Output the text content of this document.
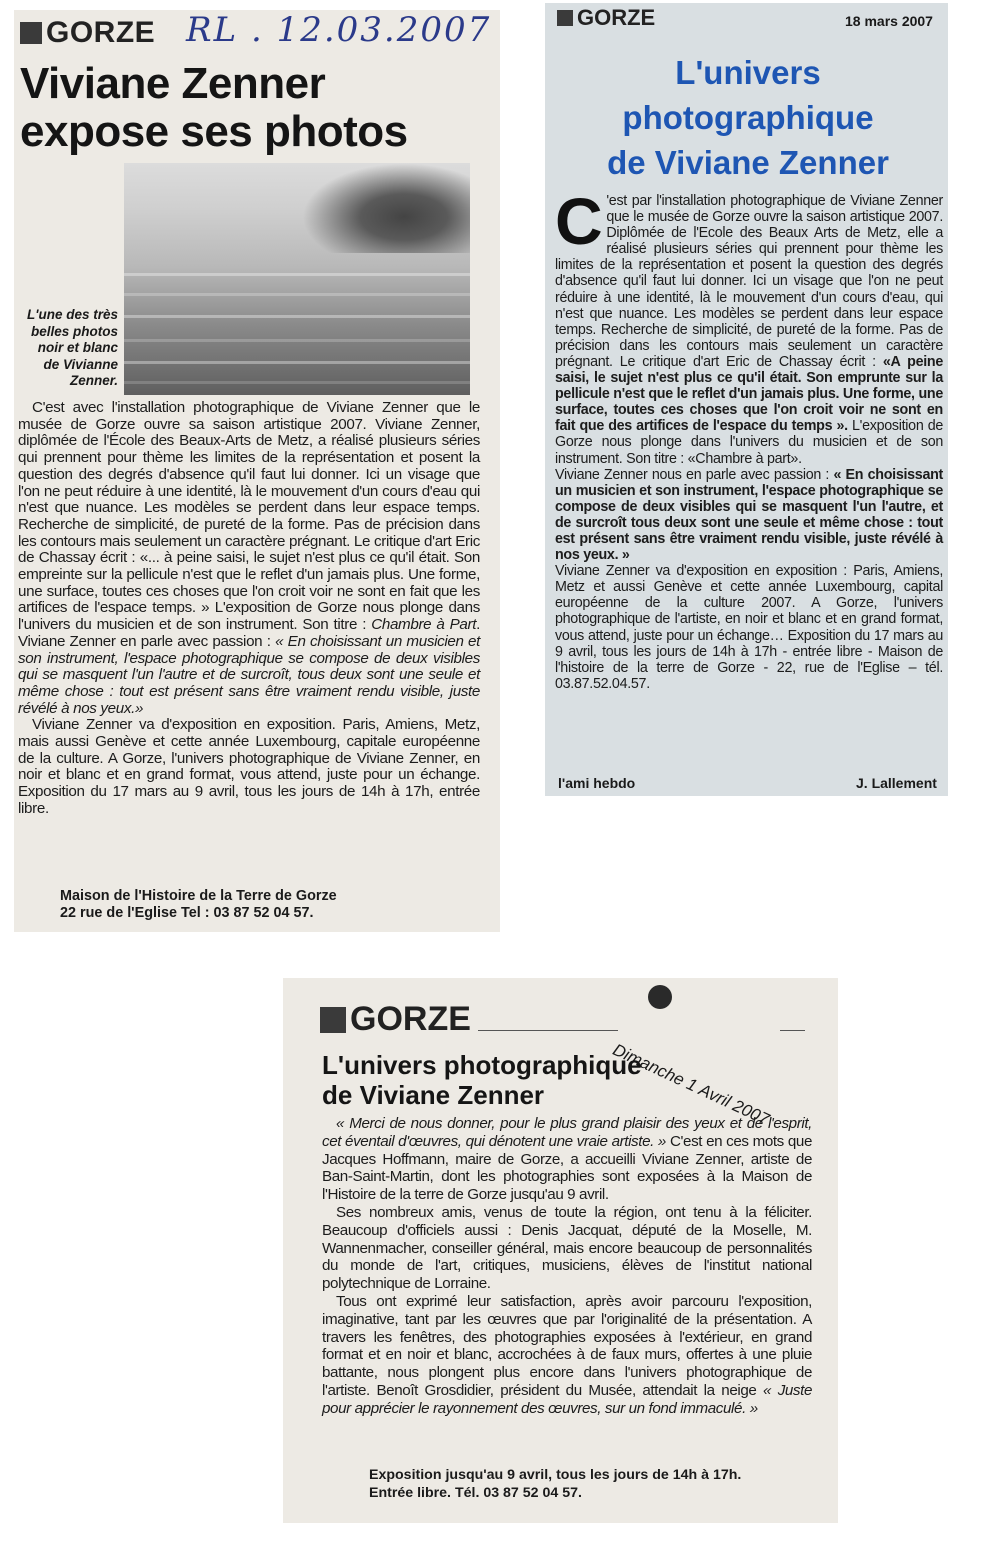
GORZE RL . 12.03.2007
Viviane Zenner
expose ses photos
L'une des très
belles photos
noir et blanc
de Vivianne
Zenner.

C'est avec l'installation photographique de Viviane Zenner que le musée de Gorze ouvre sa saison artistique 2007. Viviane Zenner, diplômée de l'École des Beaux-Arts de Metz, a réalisé plusieurs séries qui prennent pour thème les limites de la représentation et posent la question des degrés d'absence qu'il faut lui donner. Ici un visage que l'on ne peut réduire à une identité, là le mouvement d'un cours d'eau qui n'est que nuance. Les modèles se perdent dans leur espace temps. Recherche de simplicité, de pureté de la forme. Pas de précision dans les contours mais seulement un caractère prégnant. Le critique d'art Eric de Chassay écrit : «... à peine saisi, le sujet n'est plus ce qu'il était. Son empreinte sur la pellicule n'est que le reflet d'un jamais plus. Une forme, une surface, toutes ces choses que l'on croit voir ne sont en fait que les artifices de l'espace temps. » L'exposition de Gorze nous plonge dans l'univers du musicien et de son instrument. Son titre : Chambre à Part. Viviane Zenner en parle avec passion : « En choisissant un musicien et son instrument, l'espace photographique se compose de deux visibles qui se masquent l'un l'autre et de surcroît, tous deux sont une seule et même chose : tout est présent sans être vraiment rendu visible, juste révélé à nos yeux.»

Viviane Zenner va d'exposition en exposition. Paris, Amiens, Metz, mais aussi Genève et cette année Luxembourg, capitale européenne de la culture. A Gorze, l'univers photographique de Viviane Zenner, en noir et blanc et en grand format, vous attend, juste pour un échange. Exposition du 17 mars au 9 avril, tous les jours de 14h à 17h, entrée libre.

Maison de l'Histoire de la Terre de Gorze
22 rue de l'Eglise Tel : 03 87 52 04 57.
GORZE	18 mars 2007
L'univers
photographique
de Viviane Zenner
C 'est par l'installation photographique de Viviane Zenner que le musée de Gorze ouvre la saison artistique 2007. Diplômée de l'Ecole des Beaux Arts de Metz, elle a réalisé plusieurs séries qui prennent pour thème les limites de la représentation et posent la question des degrés d'absence qu'il faut lui donner. Ici un visage que l'on ne peut réduire à une identité, là le mouvement d'un cours d'eau, qui n'est que nuance. Les modèles se perdent dans leur espace temps. Recherche de simplicité, de pureté de la forme. Pas de précision dans les contours mais seulement un caractère prégnant. Le critique d'art Eric de Chassay écrit : «A peine saisi, le sujet n'est plus ce qu'il était. Son emprunte sur la pellicule n'est que le reflet d'un jamais plus. Une forme, une surface, toutes ces choses que l'on croit voir ne sont en fait que des artifices de l'espace du temps ». L'exposition de Gorze nous plonge dans l'univers du musicien et de son instrument. Son titre : «Chambre à part».
Viviane Zenner nous en parle avec passion : « En choisissant un musicien et son instrument, l'espace photographique se compose de deux visibles qui se masquent l'un l'autre, et de surcroît tous deux sont une seule et même chose : tout est présent sans être vraiment rendu visible, juste révélé à nos yeux. »
Viviane Zenner va d'exposition en exposition : Paris, Amiens, Metz et aussi Genève et cette année Luxembourg, capital européenne de la culture 2007. A Gorze, l'univers photographique de l'artiste, en noir et blanc et en grand format, vous attend, juste pour un échange… Exposition du 17 mars au 9 avril, tous les jours de 14h à 17h - entrée libre - Maison de l'histoire de la terre de Gorze - 22, rue de l'Eglise – tél. 03.87.52.04.57.
l'ami hebdo	J. Lallement
GORZE
Dimanche 1 Avril 2007
L'univers photographique
de Viviane Zenner

« Merci de nous donner, pour le plus grand plaisir des yeux et de l'esprit, cet éventail d'œuvres, qui dénotent une vraie artiste. » C'est en ces mots que Jacques Hoffmann, maire de Gorze, a accueilli Viviane Zenner, artiste de Ban-Saint-Martin, dont les photographies sont exposées à la Maison de l'Histoire de la terre de Gorze jusqu'au 9 avril.

Ses nombreux amis, venus de toute la région, ont tenu à la féliciter. Beaucoup d'officiels aussi : Denis Jacquat, député de la Moselle, M. Wannenmacher, conseiller général, mais encore beaucoup de personnalités du monde de l'art, critiques, musiciens, élèves de l'institut national polytechnique de Lorraine.

Tous ont exprimé leur satisfaction, après avoir parcouru l'exposition, imaginative, tant par les œuvres que par l'originalité de la présentation. A travers les fenêtres, des photographies exposées à l'extérieur, en grand format et en noir et blanc, accrochées à de faux murs, offertes à une pluie battante, nous plongent plus encore dans l'univers photographique de l'artiste. Benoît Grosdidier, président du Musée, attendait la neige « Juste pour apprécier le rayonnement des œuvres, sur un fond immaculé. »

Exposition jusqu'au 9 avril, tous les jours de 14h à 17h.
Entrée libre. Tél. 03 87 52 04 57.
